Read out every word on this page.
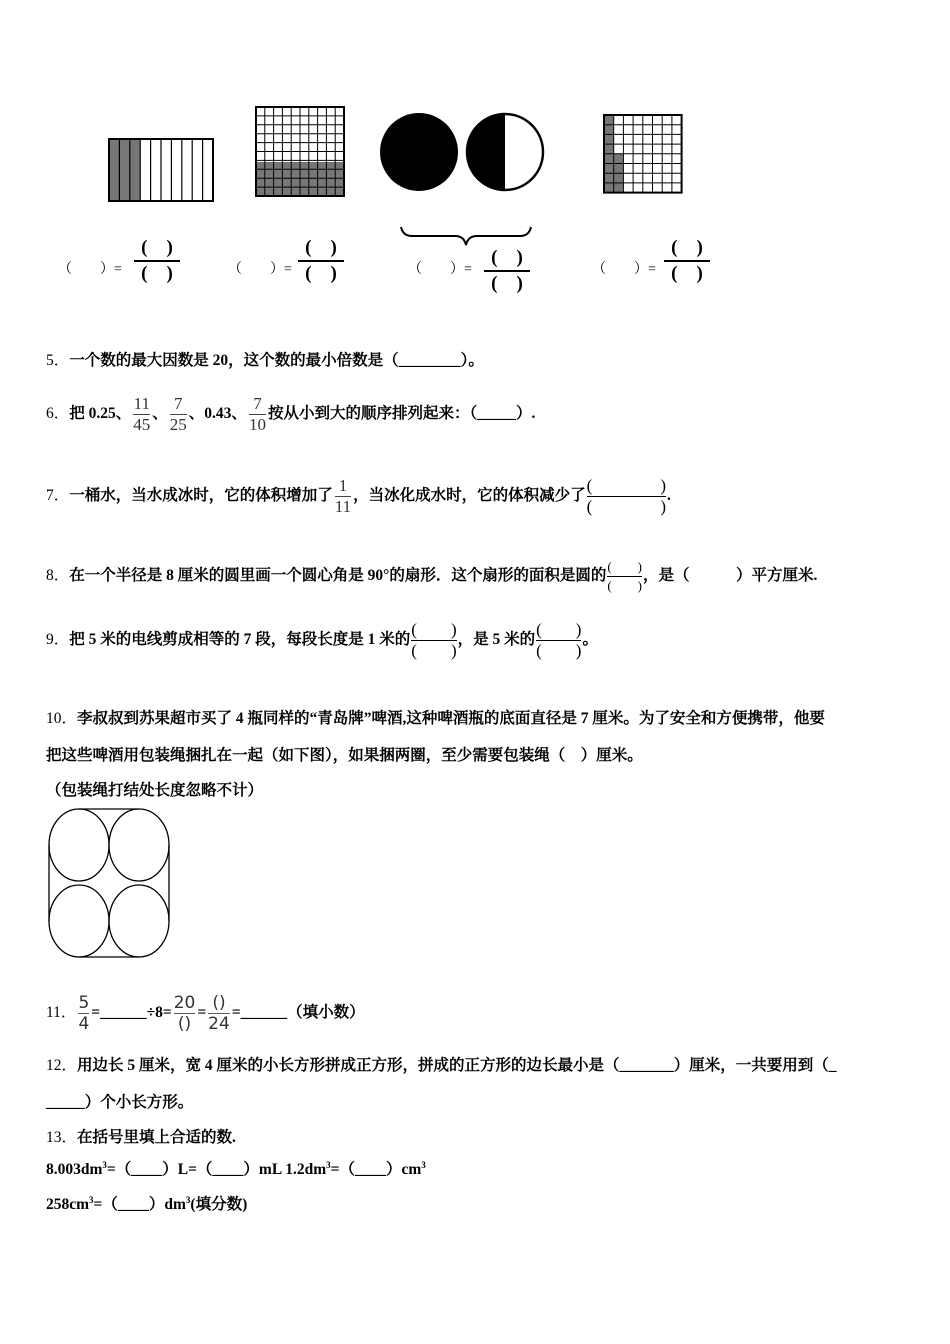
（　　）=	（　　）=	（　　）=	（　　）=
(　)
(　)
(　)
(　)
(　)
(　)
(　)
(　)
5．一个数的最大因数是 20，这个数的最小倍数是（________）。
6．把 0.25、 $\frac{11}{45}$ 、 $\frac{7}{25}$ 、0.43、 $\frac{7}{10}$ 按从小到大的顺序排列起来：（_____）.
7．一桶水，当水成冰时，它的体积增加了 $\frac{1}{11}$ ，当冰化成水时，它的体积减少了
(　　　　)
(　　　　)
.
8．在一个半径是 8 厘米的圆里画一个圆心角是 90°的扇形．这个扇形的面积是圆的
(　　)
(　　)
，是（　　　）平方厘米.
9．把 5 米的电线剪成相等的 7 段，每段长度是 1 米的
(　　)
(　　)
，是 5 米的
(　　)
(　　)
。
10．李叔叔到苏果超市买了 4 瓶同样的“青岛牌”啤酒,这种啤酒瓶的底面直径是 7 厘米。为了安全和方便携带，他要
把这些啤酒用包装绳捆扎在一起（如下图），如果捆两圈，至少需要包装绳（　）厘米。
（包装绳打结处长度忽略不计）
11． $\frac{5}{4}$ =______÷8= $\frac{20}{()} = \frac{()}{24}$ =______（填小数）
12．用边长 5 厘米，宽 4 厘米的小长方形拼成正方形，拼成的正方形的边长最小是（_______）厘米，一共要用到（_
_____）个小长方形。
13．在括号里填上合适的数.
$8.003dm^3=(\_\_\_\_)L=(\_\_\_\_)mL$ $1.2dm^3=(\_\_\_\_)cm^3$
$258cm^3=(\_\_\_\_)dm^3$(填分数)
